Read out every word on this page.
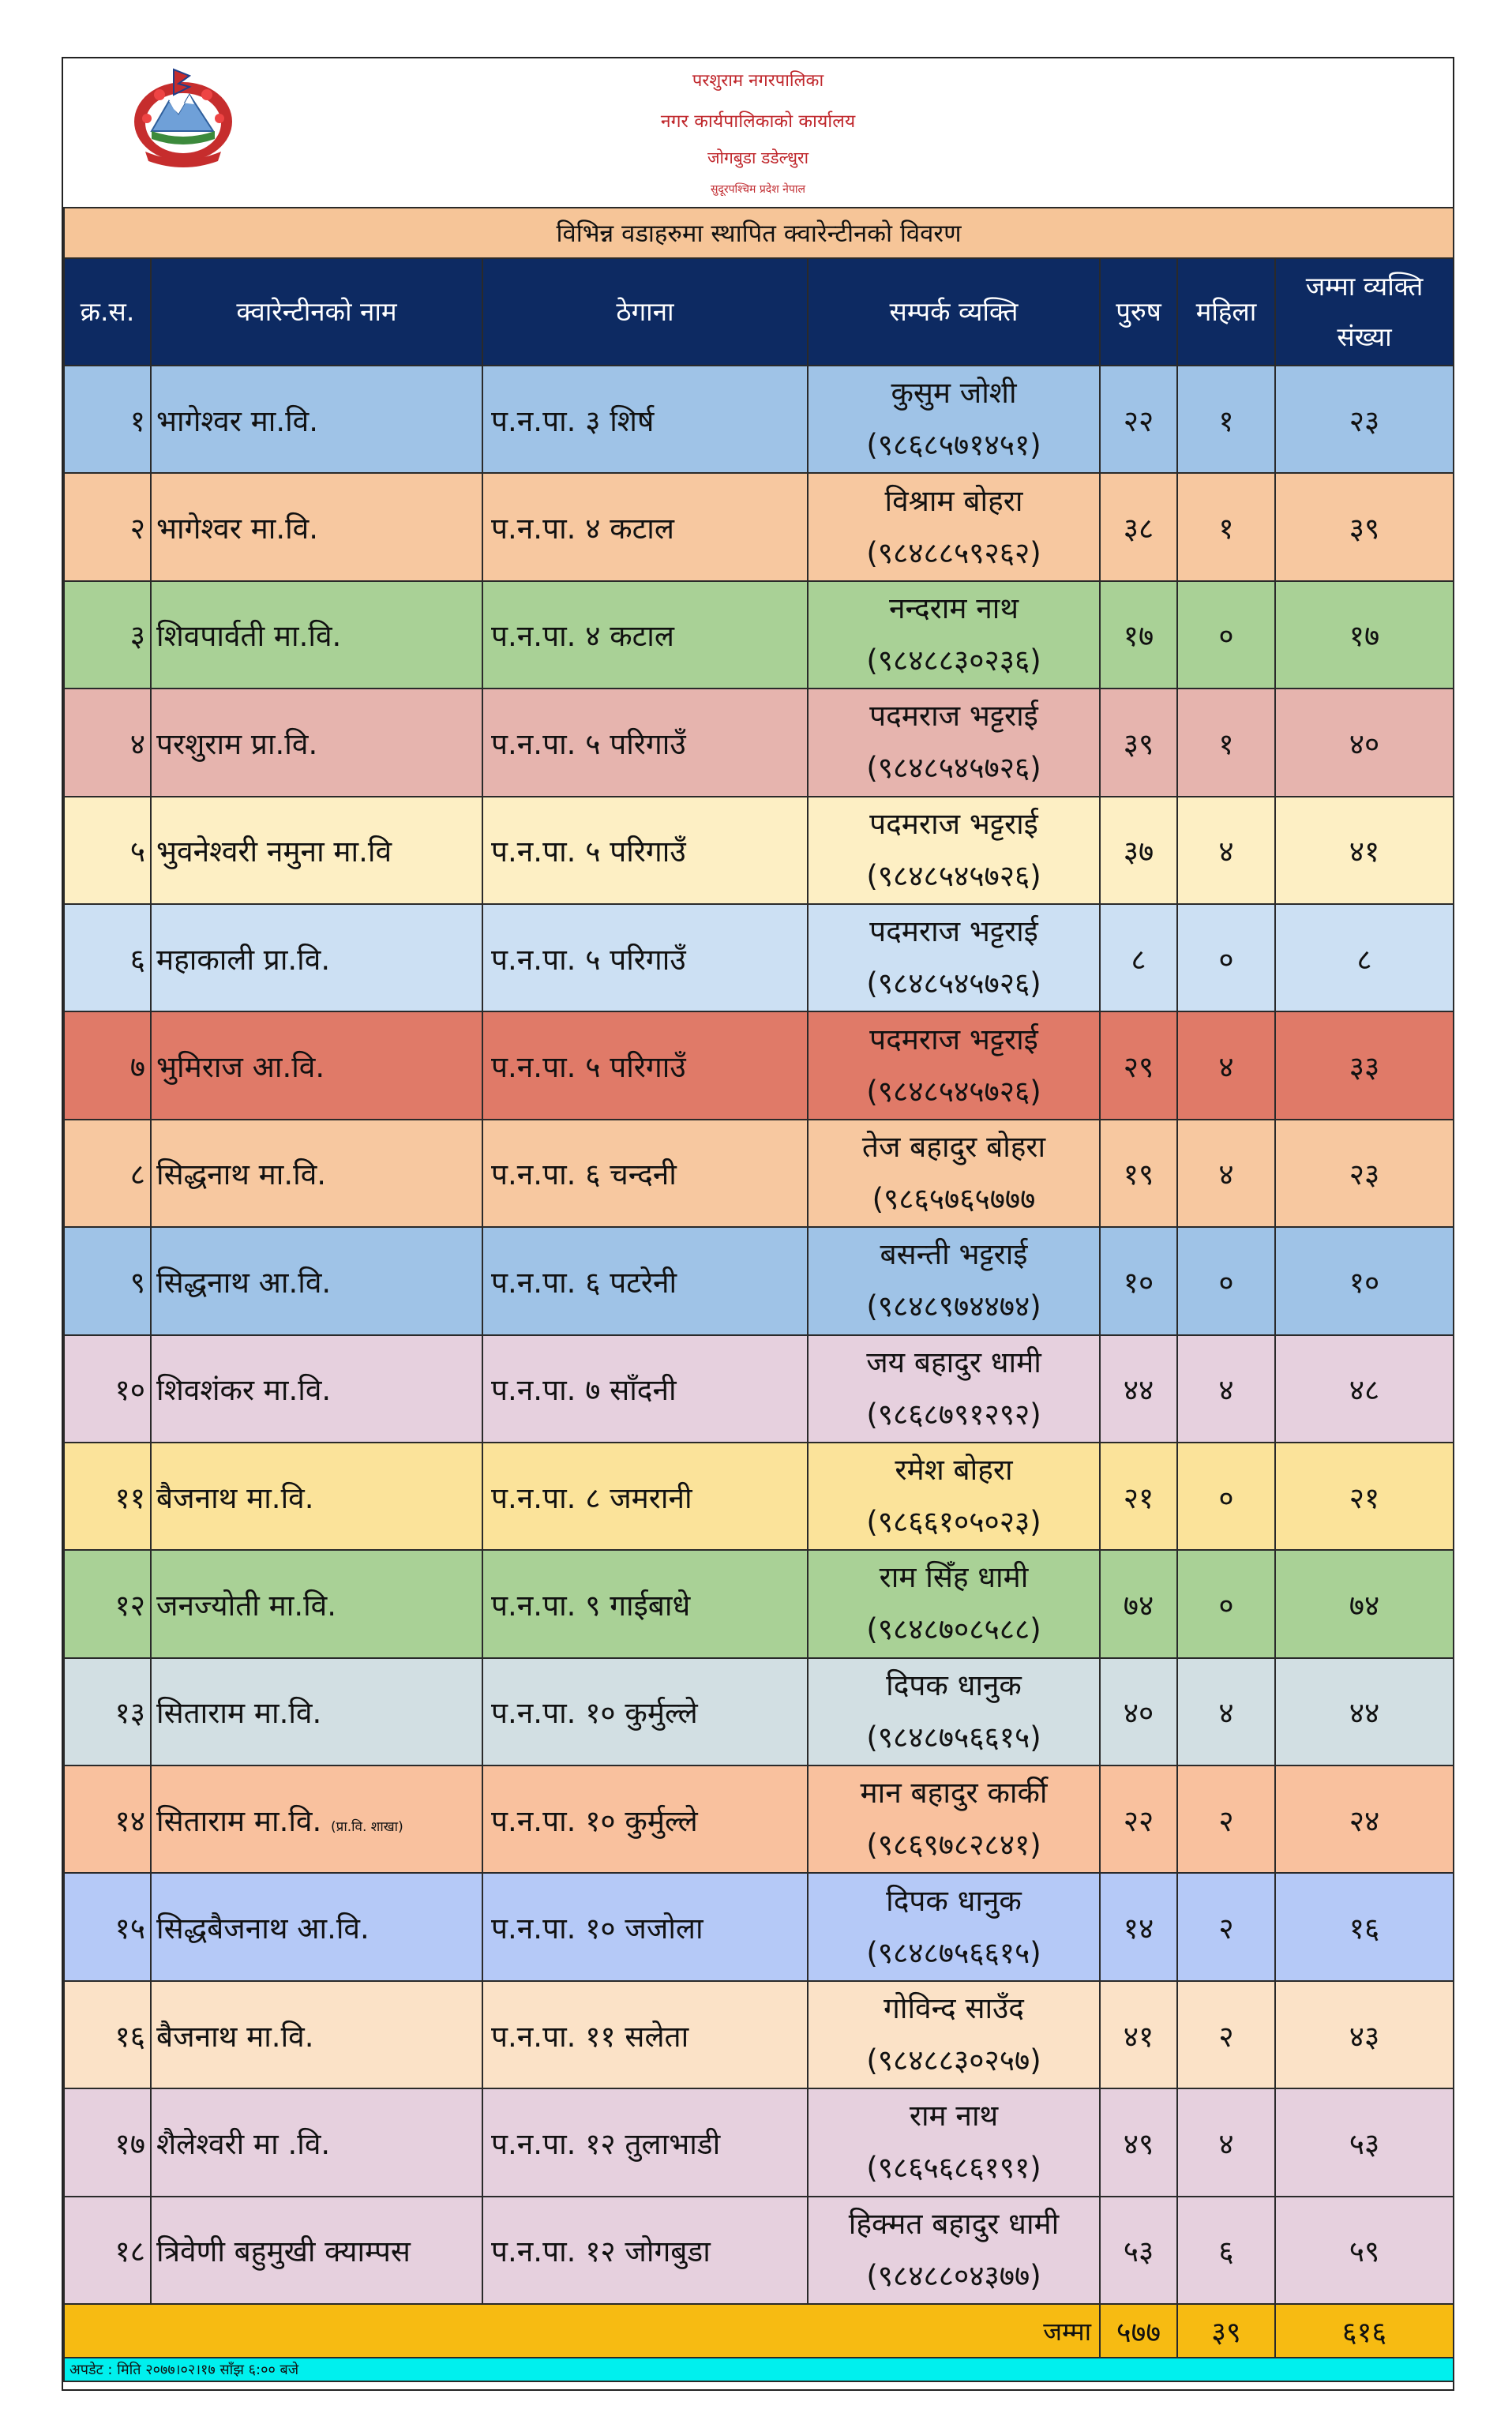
परशुराम नगरपालिका
नगर कार्यपालिकाको कार्यालय
जोगबुडा डडेल्धुरा
सुदूरपश्चिम प्रदेश नेपाल
विभिन्न वडाहरुमा स्थापित क्वारेन्टीनको विवरण						
क्र.स.	क्वारेन्टीनको नाम	ठेगाना	सम्पर्क व्यक्ति	पुरुष	महिला	जम्मा व्यक्ति संख्या
१	भागेश्वर मा.वि.	प.न.पा. ३ शिर्ष	कुसुम जोशी
(९८६८५७१४५१)	२२	१	२३
२	भागेश्वर मा.वि.	प.न.पा. ४ कटाल	विश्राम बोहरा
(९८४८८५९२६२)	३८	१	३९
३	शिवपार्वती मा.वि.	प.न.पा. ४ कटाल	नन्दराम नाथ
(९८४८८३०२३६)	१७	०	१७
४	परशुराम प्रा.वि.	प.न.पा. ५ परिगाउँ	पदमराज भट्टराई
(९८४८५४५७२६)	३९	१	४०
५	भुवनेश्वरी नमुना मा.वि	प.न.पा. ५ परिगाउँ	पदमराज भट्टराई
(९८४८५४५७२६)	३७	४	४१
६	महाकाली प्रा.वि.	प.न.पा. ५ परिगाउँ	पदमराज भट्टराई
(९८४८५४५७२६)	८	०	८
७	भुमिराज आ.वि.	प.न.पा. ५ परिगाउँ	पदमराज भट्टराई
(९८४८५४५७२६)	२९	४	३३
८	सिद्धनाथ मा.वि.	प.न.पा. ६ चन्दनी	तेज बहादुर बोहरा
(९८६५७६५७७७	१९	४	२३
९	सिद्धनाथ आ.वि.	प.न.पा. ६ पटरेनी	बसन्ती भट्टराई
(९८४८९७४४७४)	१०	०	१०
१०	शिवशंकर मा.वि.	प.न.पा. ७ साँदनी	जय बहादुर धामी
(९८६८७९१२९२)	४४	४	४८
११	बैजनाथ मा.वि.	प.न.पा. ८ जमरानी	रमेश बोहरा
(९८६६१०५०२३)	२१	०	२१
१२	जनज्योती मा.वि.	प.न.पा. ९ गाईबाधे	राम सिँह धामी
(९८४८७०८५८८)	७४	०	७४
१३	सिताराम मा.वि.	प.न.पा. १० कुर्मुल्ले	दिपक धानुक
(९८४८७५६६१५)	४०	४	४४
१४	सिताराम मा.वि. (प्रा.वि. शाखा)	प.न.पा. १० कुर्मुल्ले	मान बहादुर कार्की
(९८६९७८२८४१)	२२	२	२४
१५	सिद्धबैजनाथ आ.वि.	प.न.पा. १० जजोला	दिपक धानुक
(९८४८७५६६१५)	१४	२	१६
१६	बैजनाथ मा.वि.	प.न.पा. ११ सलेता	गोविन्द साउँद
(९८४८८३०२५७)	४१	२	४३
१७	शैलेश्वरी मा .वि.	प.न.पा. १२ तुलाभाडी	राम नाथ
(९८६५६८६१९१)	४९	४	५३
१८	त्रिवेणी बहुमुखी क्याम्पस	प.न.पा. १२ जोगबुडा	हिक्मत बहादुर धामी
(९८४८८०४३७७)	५३	६	५९
जम्मा				५७७	३९	६१६
अपडेट : मिति २०७७।०२।१७ साँझ ६:०० बजे						
